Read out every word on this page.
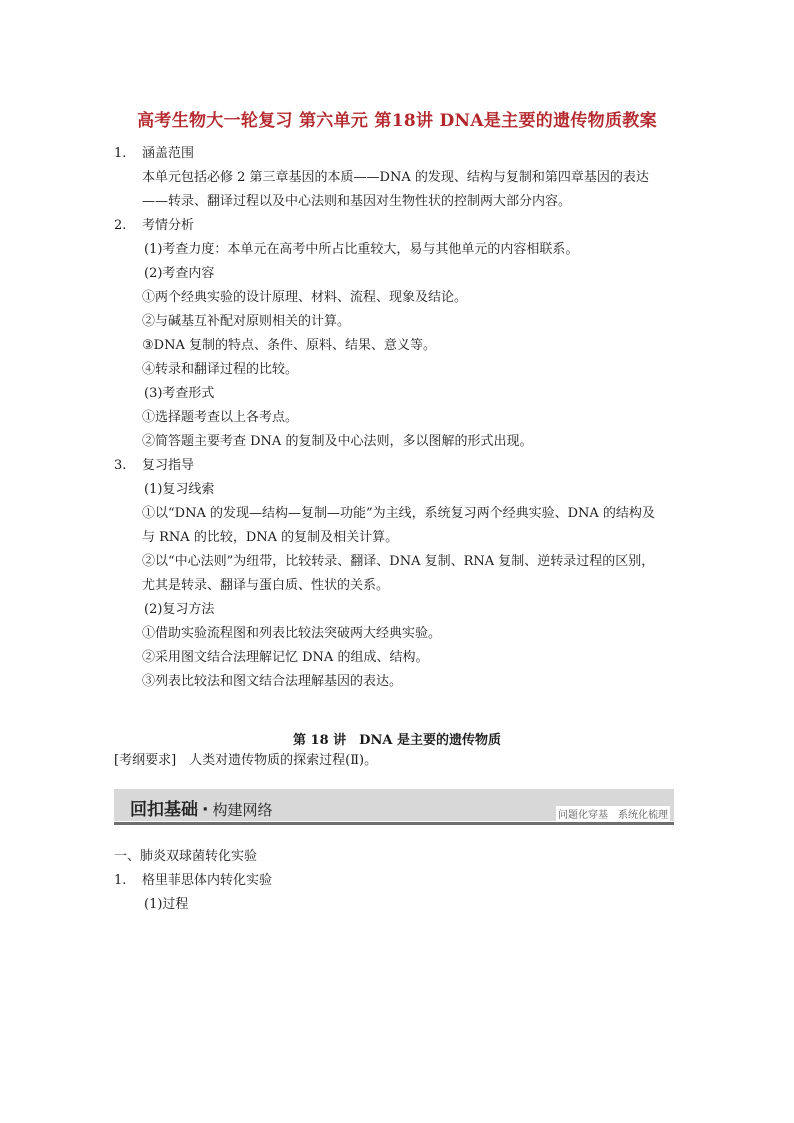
高考生物大一轮复习 第六单元 第18讲 DNA是主要的遗传物质教案
1. 涵盖范围
本单元包括必修 2 第三章基因的本质——DNA 的发现、结构与复制和第四章基因的表达
——转录、翻译过程以及中心法则和基因对生物性状的控制两大部分内容。
2. 考情分析
(1)考查力度：本单元在高考中所占比重较大，易与其他单元的内容相联系。
(2)考查内容
①两个经典实验的设计原理、材料、流程、现象及结论。
②与碱基互补配对原则相关的计算。
③DNA 复制的特点、条件、原料、结果、意义等。
④转录和翻译过程的比较。
(3)考查形式
①选择题考查以上各考点。
②简答题主要考查 DNA 的复制及中心法则，多以图解的形式出现。
3. 复习指导
(1)复习线索
①以“DNA 的发现—结构—复制—功能”为主线，系统复习两个经典实验、DNA 的结构及
与 RNA 的比较，DNA 的复制及相关计算。
②以“中心法则”为纽带，比较转录、翻译、DNA 复制、RNA 复制、逆转录过程的区别，
尤其是转录、翻译与蛋白质、性状的关系。
(2)复习方法
①借助实验流程图和列表比较法突破两大经典实验。
②采用图文结合法理解记忆 DNA 的组成、结构。
③列表比较法和图文结合法理解基因的表达。
第 18 讲　DNA 是主要的遗传物质
[考纲要求]　人类对遗传物质的探索过程(Ⅱ)。
回扣基础 · 构建网络	问题化穿基　系统化梳理
一、肺炎双球菌转化实验
1. 格里菲思体内转化实验
(1)过程
